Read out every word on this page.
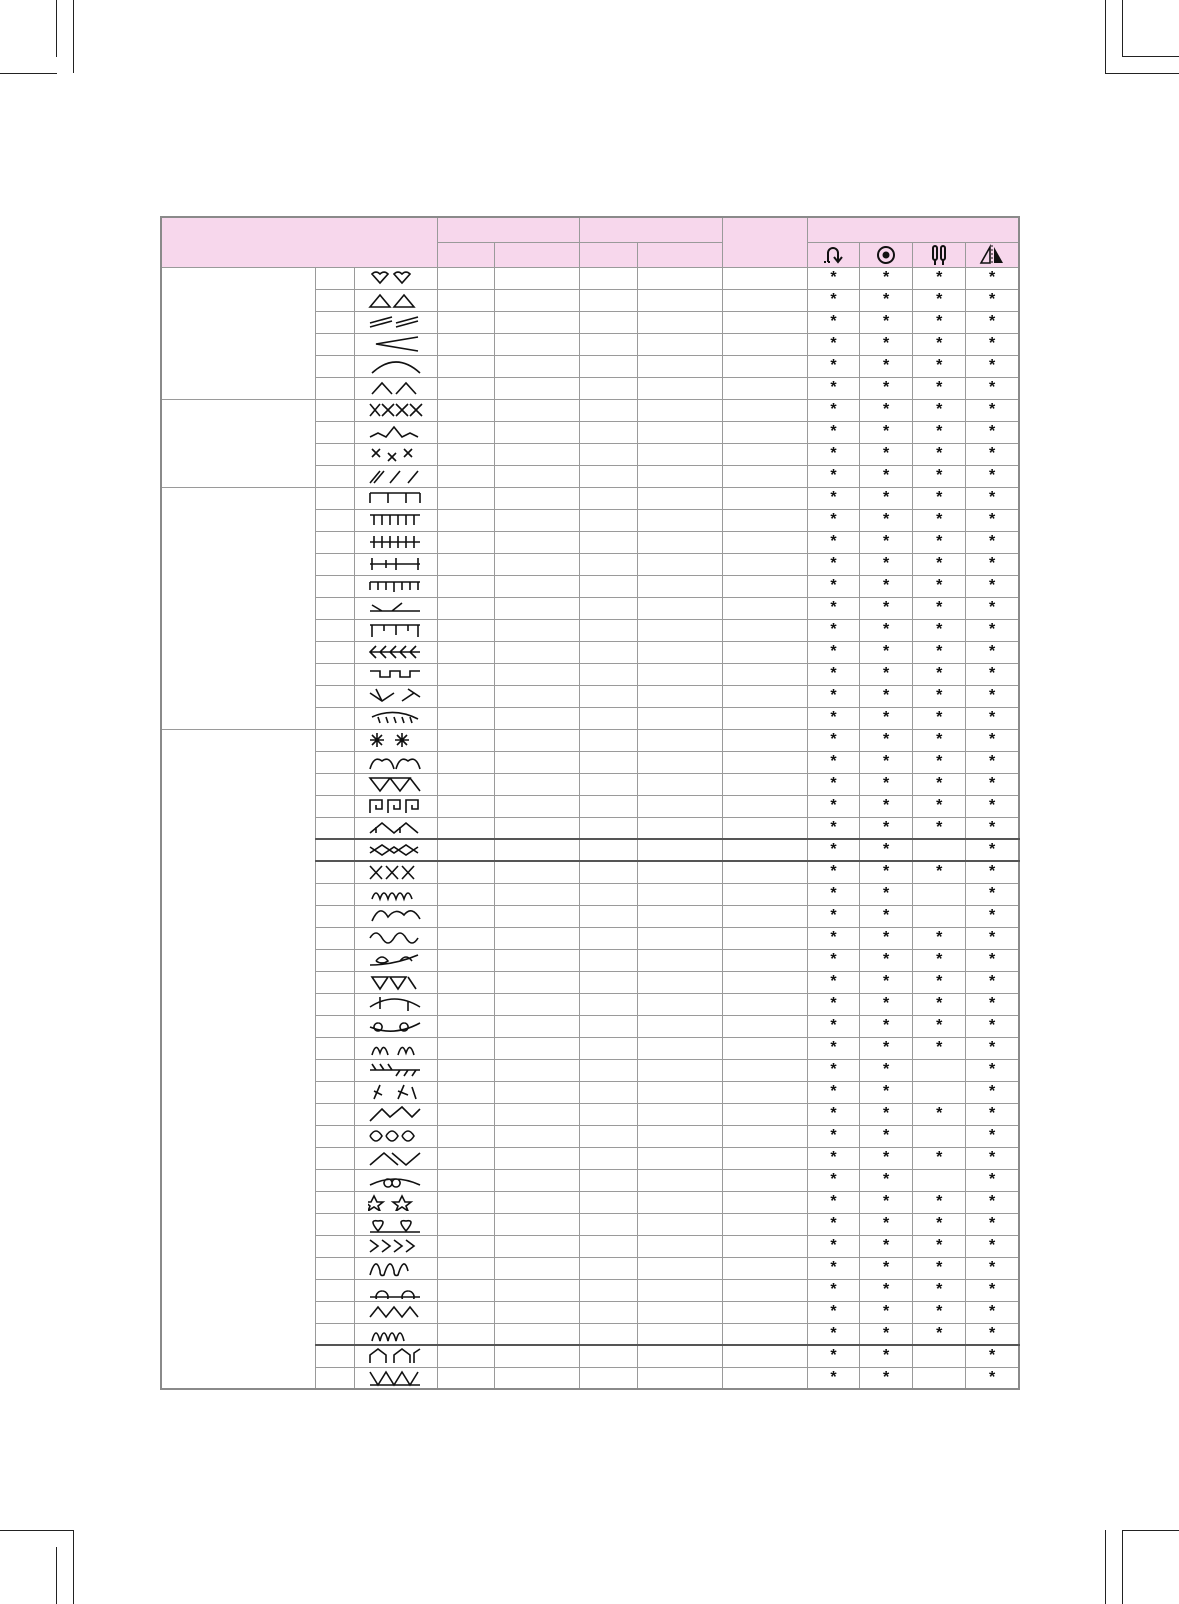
						*	*	*	*

						*	*	*	*

						*	*	*	*

						*	*	*	*

						*	*	*	*

						*	*	*	*

						*	*	*	*

						*	*	*	*

						*	*	*	*

						*	*	*	*

						*	*	*	*

						*	*	*	*

						*	*	*	*

						*	*	*	*

						*	*	*	*

						*	*	*	*

						*	*	*	*

						*	*	*	*

						*	*	*	*

						*	*	*	*

						*	*	*	*

						*	*	*	*

						*	*	*	*

						*	*	*	*

						*	*	*	*

						*	*	*	*

						*	*		*

						*	*	*	*

						*	*		*

						*	*		*

						*	*	*	*

						*	*	*	*

						*	*	*	*

						*	*	*	*

						*	*	*	*

						*	*	*	*

						*	*		*

						*	*		*

						*	*	*	*

						*	*		*

						*	*	*	*

						*	*		*

						*	*	*	*

						*	*	*	*

						*	*	*	*

						*	*	*	*

						*	*	*	*

						*	*	*	*

						*	*	*	*

						*	*		*

						*	*		*
